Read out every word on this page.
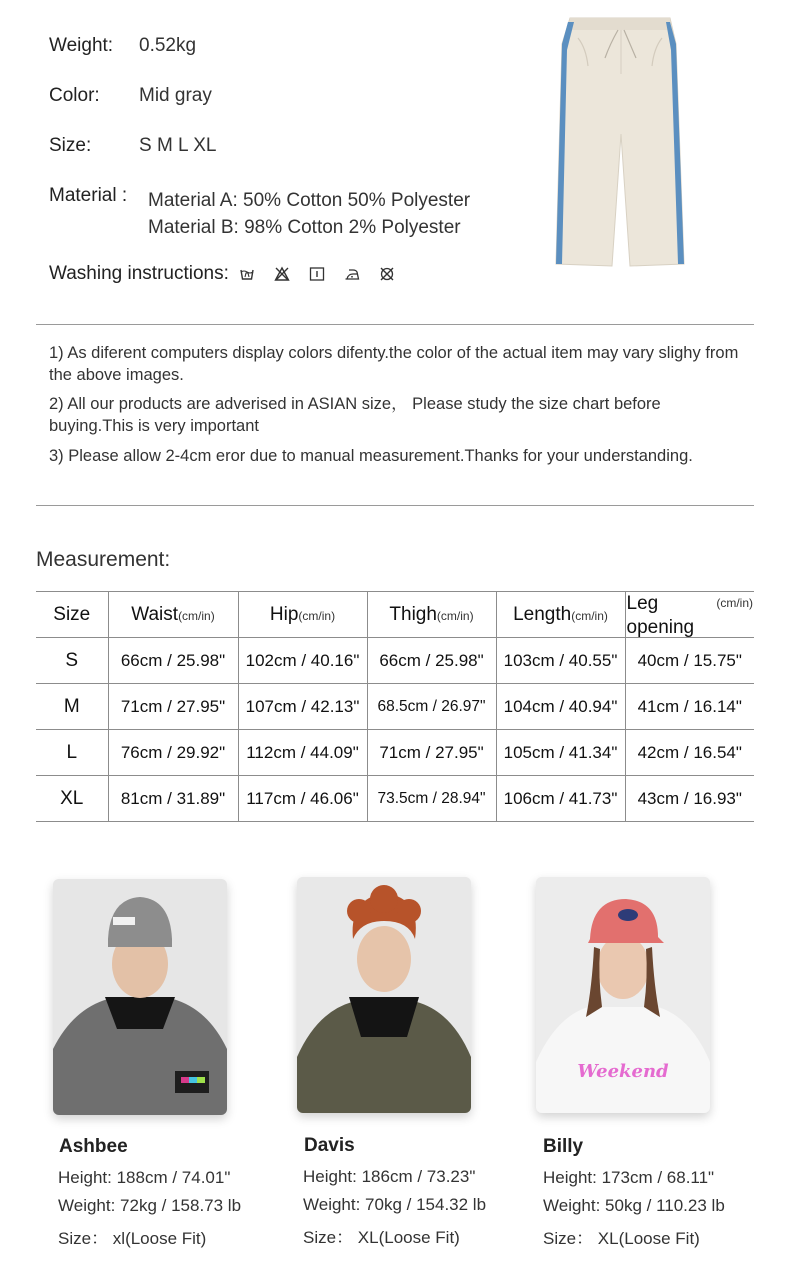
Weight: 0.52kg
Color: Mid gray
Size:	S M L XL
Material : Material A: 50% Cotton 50% Polyester
Material B: 98% Cotton 2% Polyester
Washing instructions:
1) As diferent computers display colors difenty.the color of the actual item may vary slighy from the above images.
2) All our products are adverised in ASIAN size， Please study the size chart before buying.This is very important
3) Please allow 2-4cm eror due to manual measurement.Thanks for your understanding.
Measurement:
Size	Waist(cm/in)	Hip(cm/in)	Thigh(cm/in)	Length(cm/in)	Leg opening
(cm/in)

S	66cm / 25.98"	102cm / 40.16"	66cm / 25.98"	103cm / 40.55"	40cm / 15.75"
M	71cm / 27.95"	107cm / 42.13"	68.5cm / 26.97"	104cm / 40.94"	41cm / 16.14"
L	76cm / 29.92"	112cm / 44.09"	71cm / 27.95"	105cm / 41.34"	42cm / 16.54"
XL	81cm / 31.89"	117cm / 46.06"	73.5cm / 28.94"	106cm / 41.73"	43cm / 16.93"
Ashbee
Height: 188cm / 74.01"
Weight: 72kg / 158.73 lb
Size： xl(Loose Fit)
Davis
Height: 186cm / 73.23"
Weight: 70kg / 154.32 lb
Size： XL(Loose Fit)
Weekend
Billy
Height: 173cm / 68.11"
Weight: 50kg / 110.23 lb
Size： XL(Loose Fit)
